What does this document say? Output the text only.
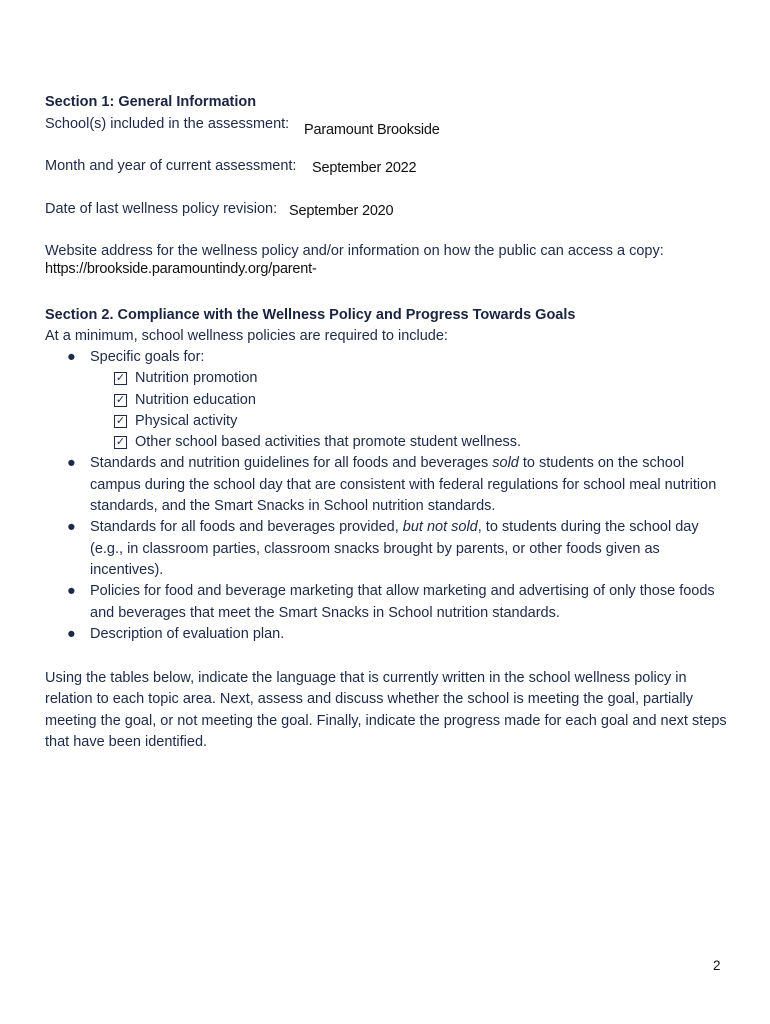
Section 1: General Information
School(s) included in the assessment: Paramount Brookside
Month and year of current assessment: September 2022
Date of last wellness policy revision: September 2020
Website address for the wellness policy and/or information on how the public can access a copy:
https://brookside.paramountindy.org/parent-
Section 2. Compliance with the Wellness Policy and Progress Towards Goals
At a minimum, school wellness policies are required to include:
● Specific goals for:
✓ Nutrition promotion
✓ Nutrition education
✓ Physical activity
✓ Other school based activities that promote student wellness.
● Standards and nutrition guidelines for all foods and beverages sold to students on the school campus during the school day that are consistent with federal regulations for school meal nutrition standards, and the Smart Snacks in School nutrition standards.
● Standards for all foods and beverages provided, but not sold, to students during the school day (e.g., in classroom parties, classroom snacks brought by parents, or other foods given as incentives).
● Policies for food and beverage marketing that allow marketing and advertising of only those foods and beverages that meet the Smart Snacks in School nutrition standards.
● Description of evaluation plan.
Using the tables below, indicate the language that is currently written in the school wellness policy in relation to each topic area. Next, assess and discuss whether the school is meeting the goal, partially meeting the goal, or not meeting the goal. Finally, indicate the progress made for each goal and next steps that have been identified.
2
